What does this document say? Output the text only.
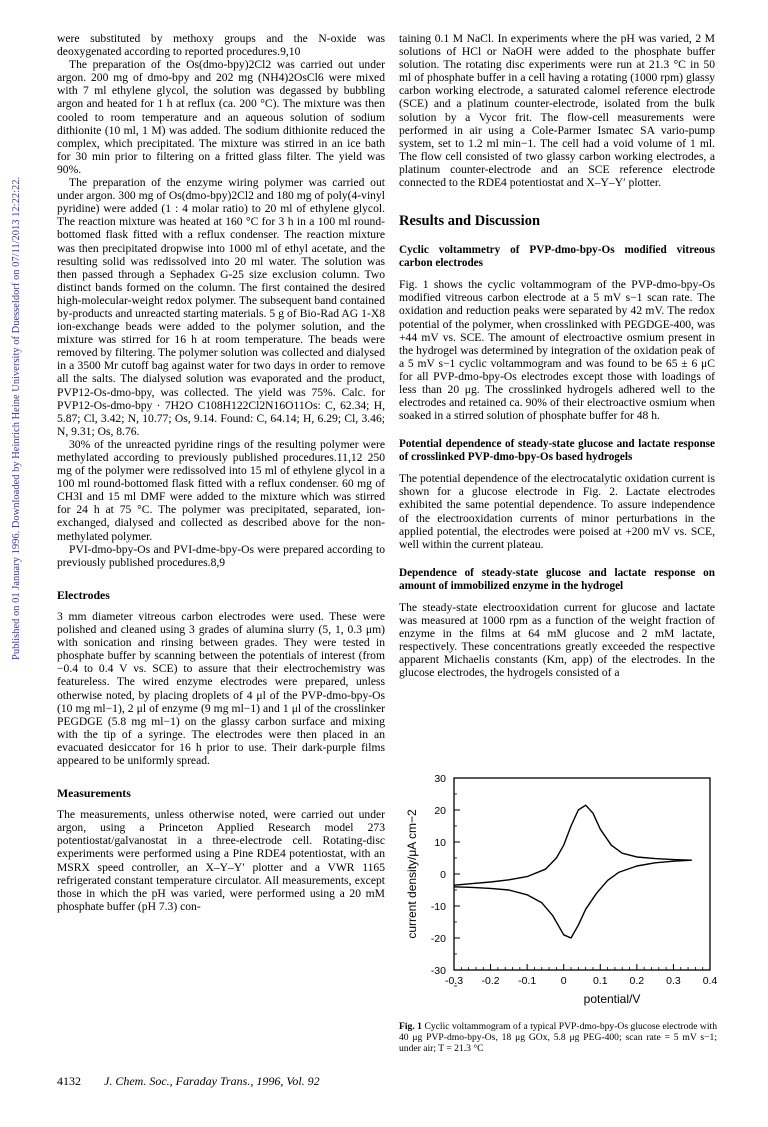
Published on 01 January 1996. Downloaded by Heinrich Heine University of Duesseldorf on 07/11/2013 12:22:22.

were substituted by methoxy groups and the N-oxide was deoxygenated according to reported procedures.9,10

The preparation of the Os(dmo-bpy)2Cl2 was carried out under argon. 200 mg of dmo-bpy and 202 mg (NH4)2OsCl6 were mixed with 7 ml ethylene glycol, the solution was degassed by bubbling argon and heated for 1 h at reflux (ca. 200 °C). The mixture was then cooled to room temperature and an aqueous solution of sodium dithionite (10 ml, 1 M) was added. The sodium dithionite reduced the complex, which precipitated. The mixture was stirred in an ice bath for 30 min prior to filtering on a fritted glass filter. The yield was 90%.

The preparation of the enzyme wiring polymer was carried out under argon. 300 mg of Os(dmo-bpy)2Cl2 and 180 mg of poly(4-vinyl pyridine) were added (1 : 4 molar ratio) to 20 ml of ethylene glycol. The reaction mixture was heated at 160 °C for 3 h in a 100 ml round-bottomed flask fitted with a reflux condenser. The reaction mixture was then precipitated dropwise into 1000 ml of ethyl acetate, and the resulting solid was redissolved into 20 ml water. The solution was then passed through a Sephadex G-25 size exclusion column. Two distinct bands formed on the column. The first contained the desired high-molecular-weight redox polymer. The subsequent band contained by-products and unreacted starting materials. 5 g of Bio-Rad AG 1-X8 ion-exchange beads were added to the polymer solution, and the mixture was stirred for 16 h at room temperature. The beads were removed by filtering. The polymer solution was collected and dialysed in a 3500 Mr cutoff bag against water for two days in order to remove all the salts. The dialysed solution was evaporated and the product, PVP12-Os-dmo-bpy, was collected. The yield was 75%. Calc. for PVP12-Os-dmo-bpy · 7H2O C108H122Cl2N16O11Os: C, 62.34; H, 5.87; Cl, 3.42; N, 10.77; Os, 9.14. Found: C, 64.14; H, 6.29; Cl, 3.46; N, 9.31; Os, 8.76.

30% of the unreacted pyridine rings of the resulting polymer were methylated according to previously published procedures.11,12 250 mg of the polymer were redissolved into 15 ml of ethylene glycol in a 100 ml round-bottomed flask fitted with a reflux condenser. 60 mg of CH3I and 15 ml DMF were added to the mixture which was stirred for 24 h at 75 °C. The polymer was precipitated, separated, ion-exchanged, dialysed and collected as described above for the non-methylated polymer.

PVI-dmo-bpy-Os and PVI-dme-bpy-Os were prepared according to previously published procedures.8,9

Electrodes

3 mm diameter vitreous carbon electrodes were used. These were polished and cleaned using 3 grades of alumina slurry (5, 1, 0.3 μm) with sonication and rinsing between grades. They were tested in phosphate buffer by scanning between the potentials of interest (from −0.4 to 0.4 V vs. SCE) to assure that their electrochemistry was featureless. The wired enzyme electrodes were prepared, unless otherwise noted, by placing droplets of 4 μl of the PVP-dmo-bpy-Os (10 mg ml−1), 2 μl of enzyme (9 mg ml−1) and 1 μl of the crosslinker PEGDGE (5.8 mg ml−1) on the glassy carbon surface and mixing with the tip of a syringe. The electrodes were then placed in an evacuated desiccator for 16 h prior to use. Their dark-purple films appeared to be uniformly spread.

Measurements

The measurements, unless otherwise noted, were carried out under argon, using a Princeton Applied Research model 273 potentiostat/galvanostat in a three-electrode cell. Rotating-disc experiments were performed using a Pine RDE4 potentiostat, with an MSRX speed controller, an X–Y–Y′ plotter and a VWR 1165 refrigerated constant temperature circulator. All measurements, except those in which the pH was varied, were performed using a 20 mM phosphate buffer (pH 7.3) con-

taining 0.1 M NaCl. In experiments where the pH was varied, 2 M solutions of HCl or NaOH were added to the phosphate buffer solution. The rotating disc experiments were run at 21.3 °C in 50 ml of phosphate buffer in a cell having a rotating (1000 rpm) glassy carbon working electrode, a saturated calomel reference electrode (SCE) and a platinum counter-electrode, isolated from the bulk solution by a Vycor frit. The flow-cell measurements were performed in air using a Cole-Parmer Ismatec SA vario-pump system, set to 1.2 ml min−1. The cell had a void volume of 1 ml. The flow cell consisted of two glassy carbon working electrodes, a platinum counter-electrode and an SCE reference electrode connected to the RDE4 potentiostat and X–Y–Y′ plotter.

Results and Discussion
Cyclic voltammetry of PVP-dmo-bpy-Os modified vitreous carbon electrodes

Fig. 1 shows the cyclic voltammogram of the PVP-dmo-bpy-Os modified vitreous carbon electrode at a 5 mV s−1 scan rate. The oxidation and reduction peaks were separated by 42 mV. The redox potential of the polymer, when crosslinked with PEGDGE-400, was +44 mV vs. SCE. The amount of electroactive osmium present in the hydrogel was determined by integration of the oxidation peak of a 5 mV s−1 cyclic voltammogram and was found to be 65 ± 6 μC for all PVP-dmo-bpy-Os electrodes except those with loadings of less than 20 μg. The crosslinked hydrogels adhered well to the electrodes and retained ca. 90% of their electroactive osmium when soaked in a stirred solution of phosphate buffer for 48 h.

Potential dependence of steady-state glucose and lactate response of crosslinked PVP-dmo-bpy-Os based hydrogels

The potential dependence of the electrocatalytic oxidation current is shown for a glucose electrode in Fig. 2. Lactate electrodes exhibited the same potential dependence. To assure independence of the electrooxidation currents of minor perturbations in the applied potential, the electrodes were poised at +200 mV vs. SCE, well within the current plateau.

Dependence of steady-state glucose and lactate response on amount of immobilized enzyme in the hydrogel

The steady-state electrooxidation current for glucose and lactate was measured at 1000 rpm as a function of the weight fraction of enzyme in the films at 64 mM glucose and 2 mM lactate, respectively. These concentrations greatly exceeded the respective apparent Michaelis constants (Km, app) of the electrodes. In the glucose electrodes, the hydrogels consisted of a

30
20
10
0
-10
-20
-30
-0.3 -0.2 -0.1 0	0.1 0.2 0.3 0.4
potential/V
current density/μA cm−2
Fig. 1 Cyclic voltammogram of a typical PVP-dmo-bpy-Os glucose electrode with 40 μg PVP-dmo-bpy-Os, 18 μg GOx, 5.8 μg PEG-400; scan rate = 5 mV s−1; under air; T = 21.3 °C
4132 J. Chem. Soc., Faraday Trans., 1996, Vol. 92
